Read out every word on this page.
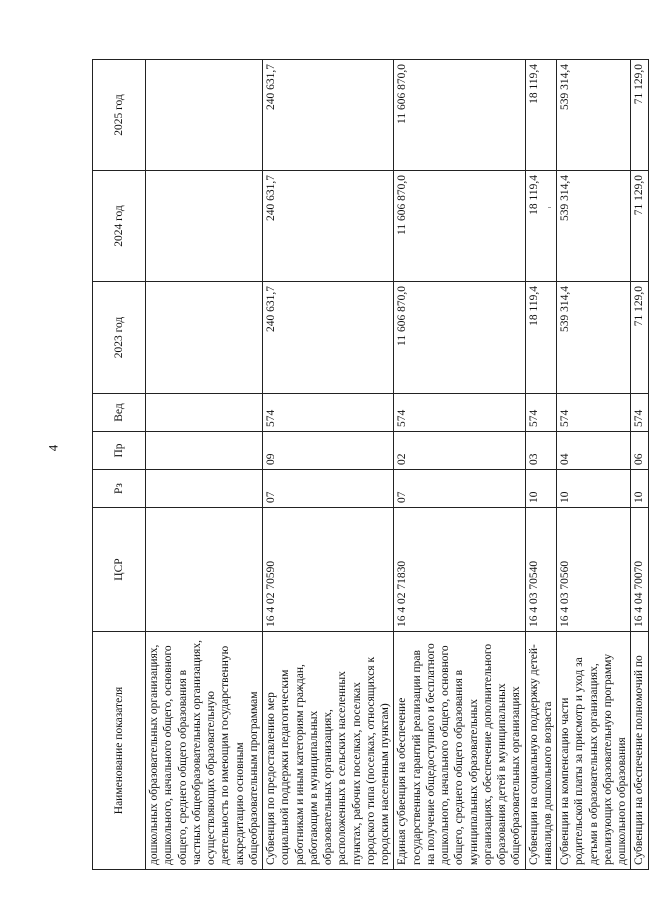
4
Наименование показателя	ЦСР	Рз	Пр	Вед	2023 год	2024 год	2025 год
дошкольных образовательных организациях, дошкольного, начального общего, основного общего, среднего общего образования в частных общеобразовательных организациях, осуществляющих образовательную деятельность по имеющим государственную аккредитацию основным общеобразовательным программам							
Субвенция по предоставлению мер социальной поддержки педагогическим работникам и иным категориям граждан, работающим в муниципальных образовательных организациях, расположенных в сельских населенных пунктах, рабочих поселках, поселках городского типа (поселках, относящихся к городским населенным пунктам)	16 4 02 70590	07	09	574	240 631,7	240 631,7	240 631,7
Единая субвенция на обеспечение государственных гарантий реализации прав на получение общедоступного и бесплатного дошкольного, начального общего, основного общего, среднего общего образования в муниципальных образовательных организациях, обеспечение дополнительного образования детей в муниципальных общеобразовательных организациях	16 4 02 71830	07	02	574	11 606 870,0	11 606 870,0	11 606 870,0
Субвенции на социальную поддержку детей-инвалидов дошкольного возраста	16 4 03 70540	10	03	574	18 119,4	18 119,4	18 119,4
Субвенции на компенсацию части родительской платы за присмотр и уход за детьми в образовательных организациях, реализующих образовательную программу дошкольного образования	16 4 03 70560	10	04	574	539 314,4	539 314,4	539 314,4
Субвенции на обеспечение полномочий по	16 4 04 70070	10	06	574	71 129,0	71 129,0	71 129,0
